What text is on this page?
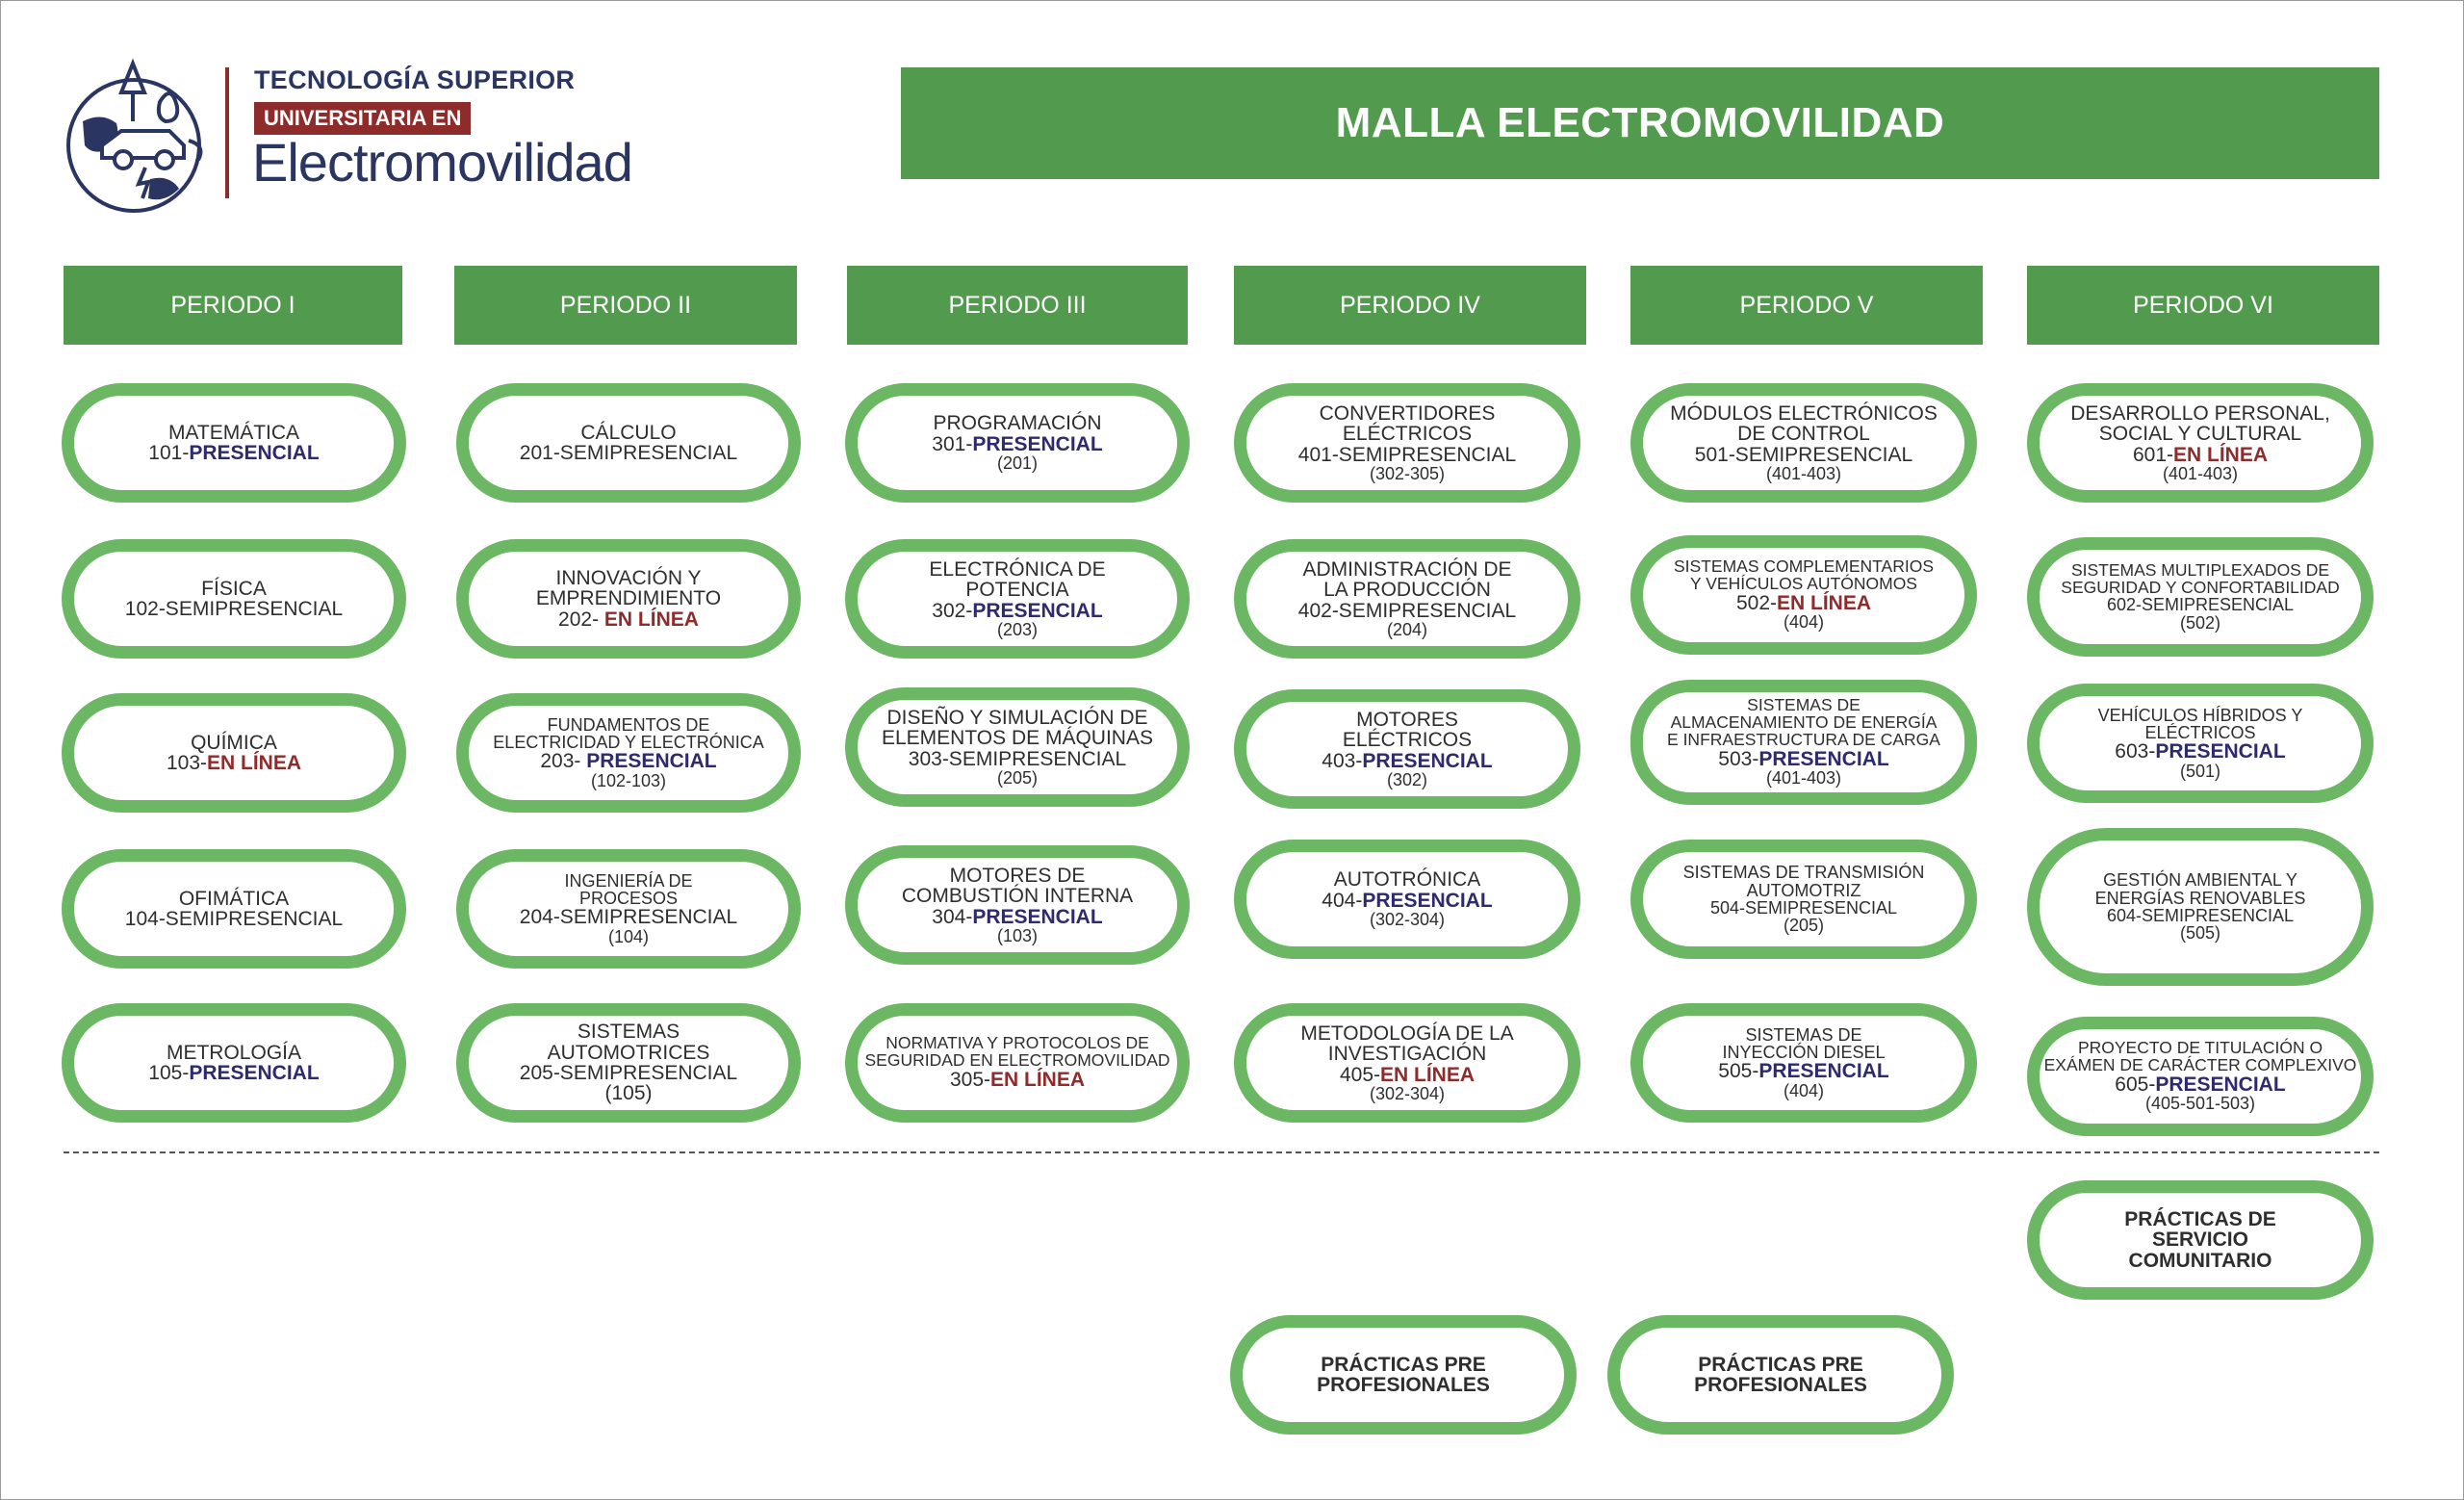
TECNOLOGÍA SUPERIOR
UNIVERSITARIA EN
Electromovilidad
MALLA ELECTROMOVILIDAD
PERIODO I	PERIODO II	PERIODO III	PERIODO IV	PERIODO V	PERIODO VI
MATEMÁTICA
101-PRESENCIAL
FÍSICA
102-SEMIPRESENCIAL
QUÍMICA
103-EN LÍNEA
OFIMÁTICA
104-SEMIPRESENCIAL
METROLOGÍA
105-PRESENCIAL
CÁLCULO
201-SEMIPRESENCIAL
INNOVACIÓN Y
EMPRENDIMIENTO
202- EN LÍNEA
FUNDAMENTOS DE
ELECTRICIDAD Y ELECTRÓNICA
203- PRESENCIAL
(102-103)
INGENIERÍA DE
PROCESOS
204-SEMIPRESENCIAL
(104)
SISTEMAS
AUTOMOTRICES
205-SEMIPRESENCIAL
(105)
PROGRAMACIÓN
301-PRESENCIAL
(201)
ELECTRÓNICA DE
POTENCIA
302-PRESENCIAL
(203)
DISEÑO Y SIMULACIÓN DE
ELEMENTOS DE MÁQUINAS
303-SEMIPRESENCIAL
(205)
MOTORES DE
COMBUSTIÓN INTERNA
304-PRESENCIAL
(103)
NORMATIVA Y PROTOCOLOS DE
SEGURIDAD EN ELECTROMOVILIDAD
305-EN LÍNEA
CONVERTIDORES
ELÉCTRICOS
401-SEMIPRESENCIAL
(302-305)
ADMINISTRACIÓN DE
LA PRODUCCIÓN
402-SEMIPRESENCIAL
(204)
MOTORES
ELÉCTRICOS
403-PRESENCIAL
(302)
AUTOTRÓNICA
404-PRESENCIAL
(302-304)
METODOLOGÍA DE LA
INVESTIGACIÓN
405-EN LÍNEA
(302-304)
MÓDULOS ELECTRÓNICOS
DE CONTROL
501-SEMIPRESENCIAL
(401-403)
SISTEMAS COMPLEMENTARIOS
Y VEHÍCULOS AUTÓNOMOS
502-EN LÍNEA
(404)
SISTEMAS DE
ALMACENAMIENTO DE ENERGÍA
E INFRAESTRUCTURA DE CARGA
503-PRESENCIAL
(401-403)
SISTEMAS DE TRANSMISIÓN
AUTOMOTRIZ
504-SEMIPRESENCIAL
(205)
SISTEMAS DE
INYECCIÓN DIESEL
505-PRESENCIAL
(404)
DESARROLLO PERSONAL,
SOCIAL Y CULTURAL
601-EN LÍNEA
(401-403)
SISTEMAS MULTIPLEXADOS DE
SEGURIDAD Y CONFORTABILIDAD
602-SEMIPRESENCIAL
(502)
VEHÍCULOS HÍBRIDOS Y
ELÉCTRICOS
603-PRESENCIAL
(501)
GESTIÓN AMBIENTAL Y
ENERGÍAS RENOVABLES
604-SEMIPRESENCIAL
(505)
PROYECTO DE TITULACIÓN O
EXÁMEN DE CARÁCTER COMPLEXIVO
605-PRESENCIAL
(405-501-503)
PRÁCTICAS DE
SERVICIO
COMUNITARIO
PRÁCTICAS PRE
PROFESIONALES
PRÁCTICAS PRE
PROFESIONALES
